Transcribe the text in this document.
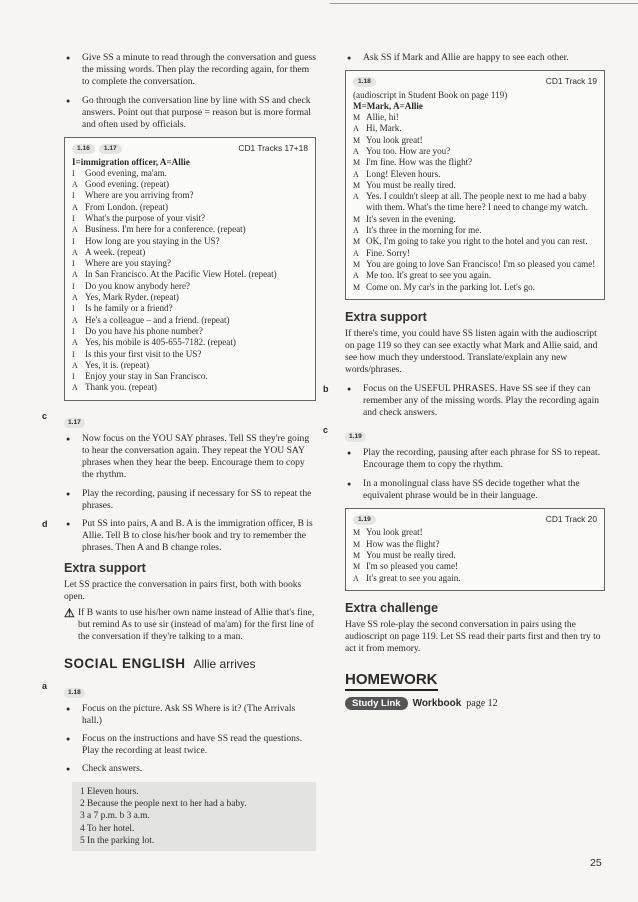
● Give SS a minute to read through the conversation and guess the missing words. Then play the recording again, for them to complete the conversation.
● Go through the conversation line by line with SS and check answers. Point out that purpose = reason but is more formal and often used by officials.
1.16	1.17	CD1 Tracks 17+18
I=immigration officer, A=Allie
I	Good evening, ma'am.
A Good evening. (repeat)
I	Where are you arriving from?
A From London. (repeat)
I	What's the purpose of your visit?
A Business. I'm here for a conference. (repeat)
I	How long are you staying in the US?
A A week. (repeat)
I	Where are you staying?
A In San Francisco. At the Pacific View Hotel. (repeat)
I	Do you know anybody here?
A Yes, Mark Ryder. (repeat)
I	Is he family or a friend?
A He's a colleague – and a friend. (repeat)
I	Do you have his phone number?
A Yes, his mobile is 405-655-7182. (repeat)
I	Is this your first visit to the US?
A Yes, it is. (repeat)
I	Enjoy your stay in San Francisco.
A Thank you. (repeat)
c
1.17
● Now focus on the YOU SAY phrases. Tell SS they're going to hear the conversation again. They repeat the YOU SAY phrases when they hear the beep. Encourage them to copy the rhythm.
● Play the recording, pausing if necessary for SS to repeat the phrases.
d	● Put SS into pairs, A and B. A is the immigration officer, B is Allie. Tell B to close his/her book and try to remember the phrases. Then A and B change roles.
Extra support
Let SS practice the conversation in pairs first, both with books open.
⚠ If B wants to use his/her own name instead of Allie that's fine, but remind As to use sir (instead of ma'am) for the first line of the conversation if they're talking to a man.
SOCIAL ENGLISH Allie arrives
a
1.18
● Focus on the picture. Ask SS Where is it? (The Arrivals hall.)
● Focus on the instructions and have SS read the questions. Play the recording at least twice.
● Check answers.
1 Eleven hours.
2 Because the people next to her had a baby.
3 a 7 p.m. b 3 a.m.
4 To her hotel.
5 In the parking lot.
● Ask SS if Mark and Allie are happy to see each other.
1.18	CD1 Track 19
(audioscript in Student Book on page 119)
M=Mark, A=Allie
M Allie, hi!
A Hi, Mark.
M You look great!
A You too. How are you?
M I'm fine. How was the flight?
A Long! Eleven hours.
M You must be really tired.
A Yes. I couldn't sleep at all. The people next to me had a baby with them. What's the time here? I need to change my watch.
M It's seven in the evening.
A It's three in the morning for me.
M OK, I'm going to take you right to the hotel and you can rest.
A Fine. Sorry!
M You are going to love San Francisco! I'm so pleased you came!
A Me too. It's great to see you again.
M Come on. My car's in the parking lot. Let's go.
Extra support
If there's time, you could have SS listen again with the audioscript on page 119 so they can see exactly what Mark and Allie said, and see how much they understood. Translate/explain any new words/phrases.
b	● Focus on the USEFUL PHRASES. Have SS see if they can remember any of the missing words. Play the recording again and check answers.
c
1.19
● Play the recording, pausing after each phrase for SS to repeat. Encourage them to copy the rhythm.
● In a monolingual class have SS decide together what the equivalent phrase would be in their language.
1.19	CD1 Track 20
M You look great!
M How was the flight?
M You must be really tired.
M I'm so pleased you came!
A It's great to see you again.
Extra challenge
Have SS role-play the second conversation in pairs using the audioscript on page 119. Let SS read their parts first and then try to act it from memory.
HOMEWORK
Study Link	Workbook page 12
25
